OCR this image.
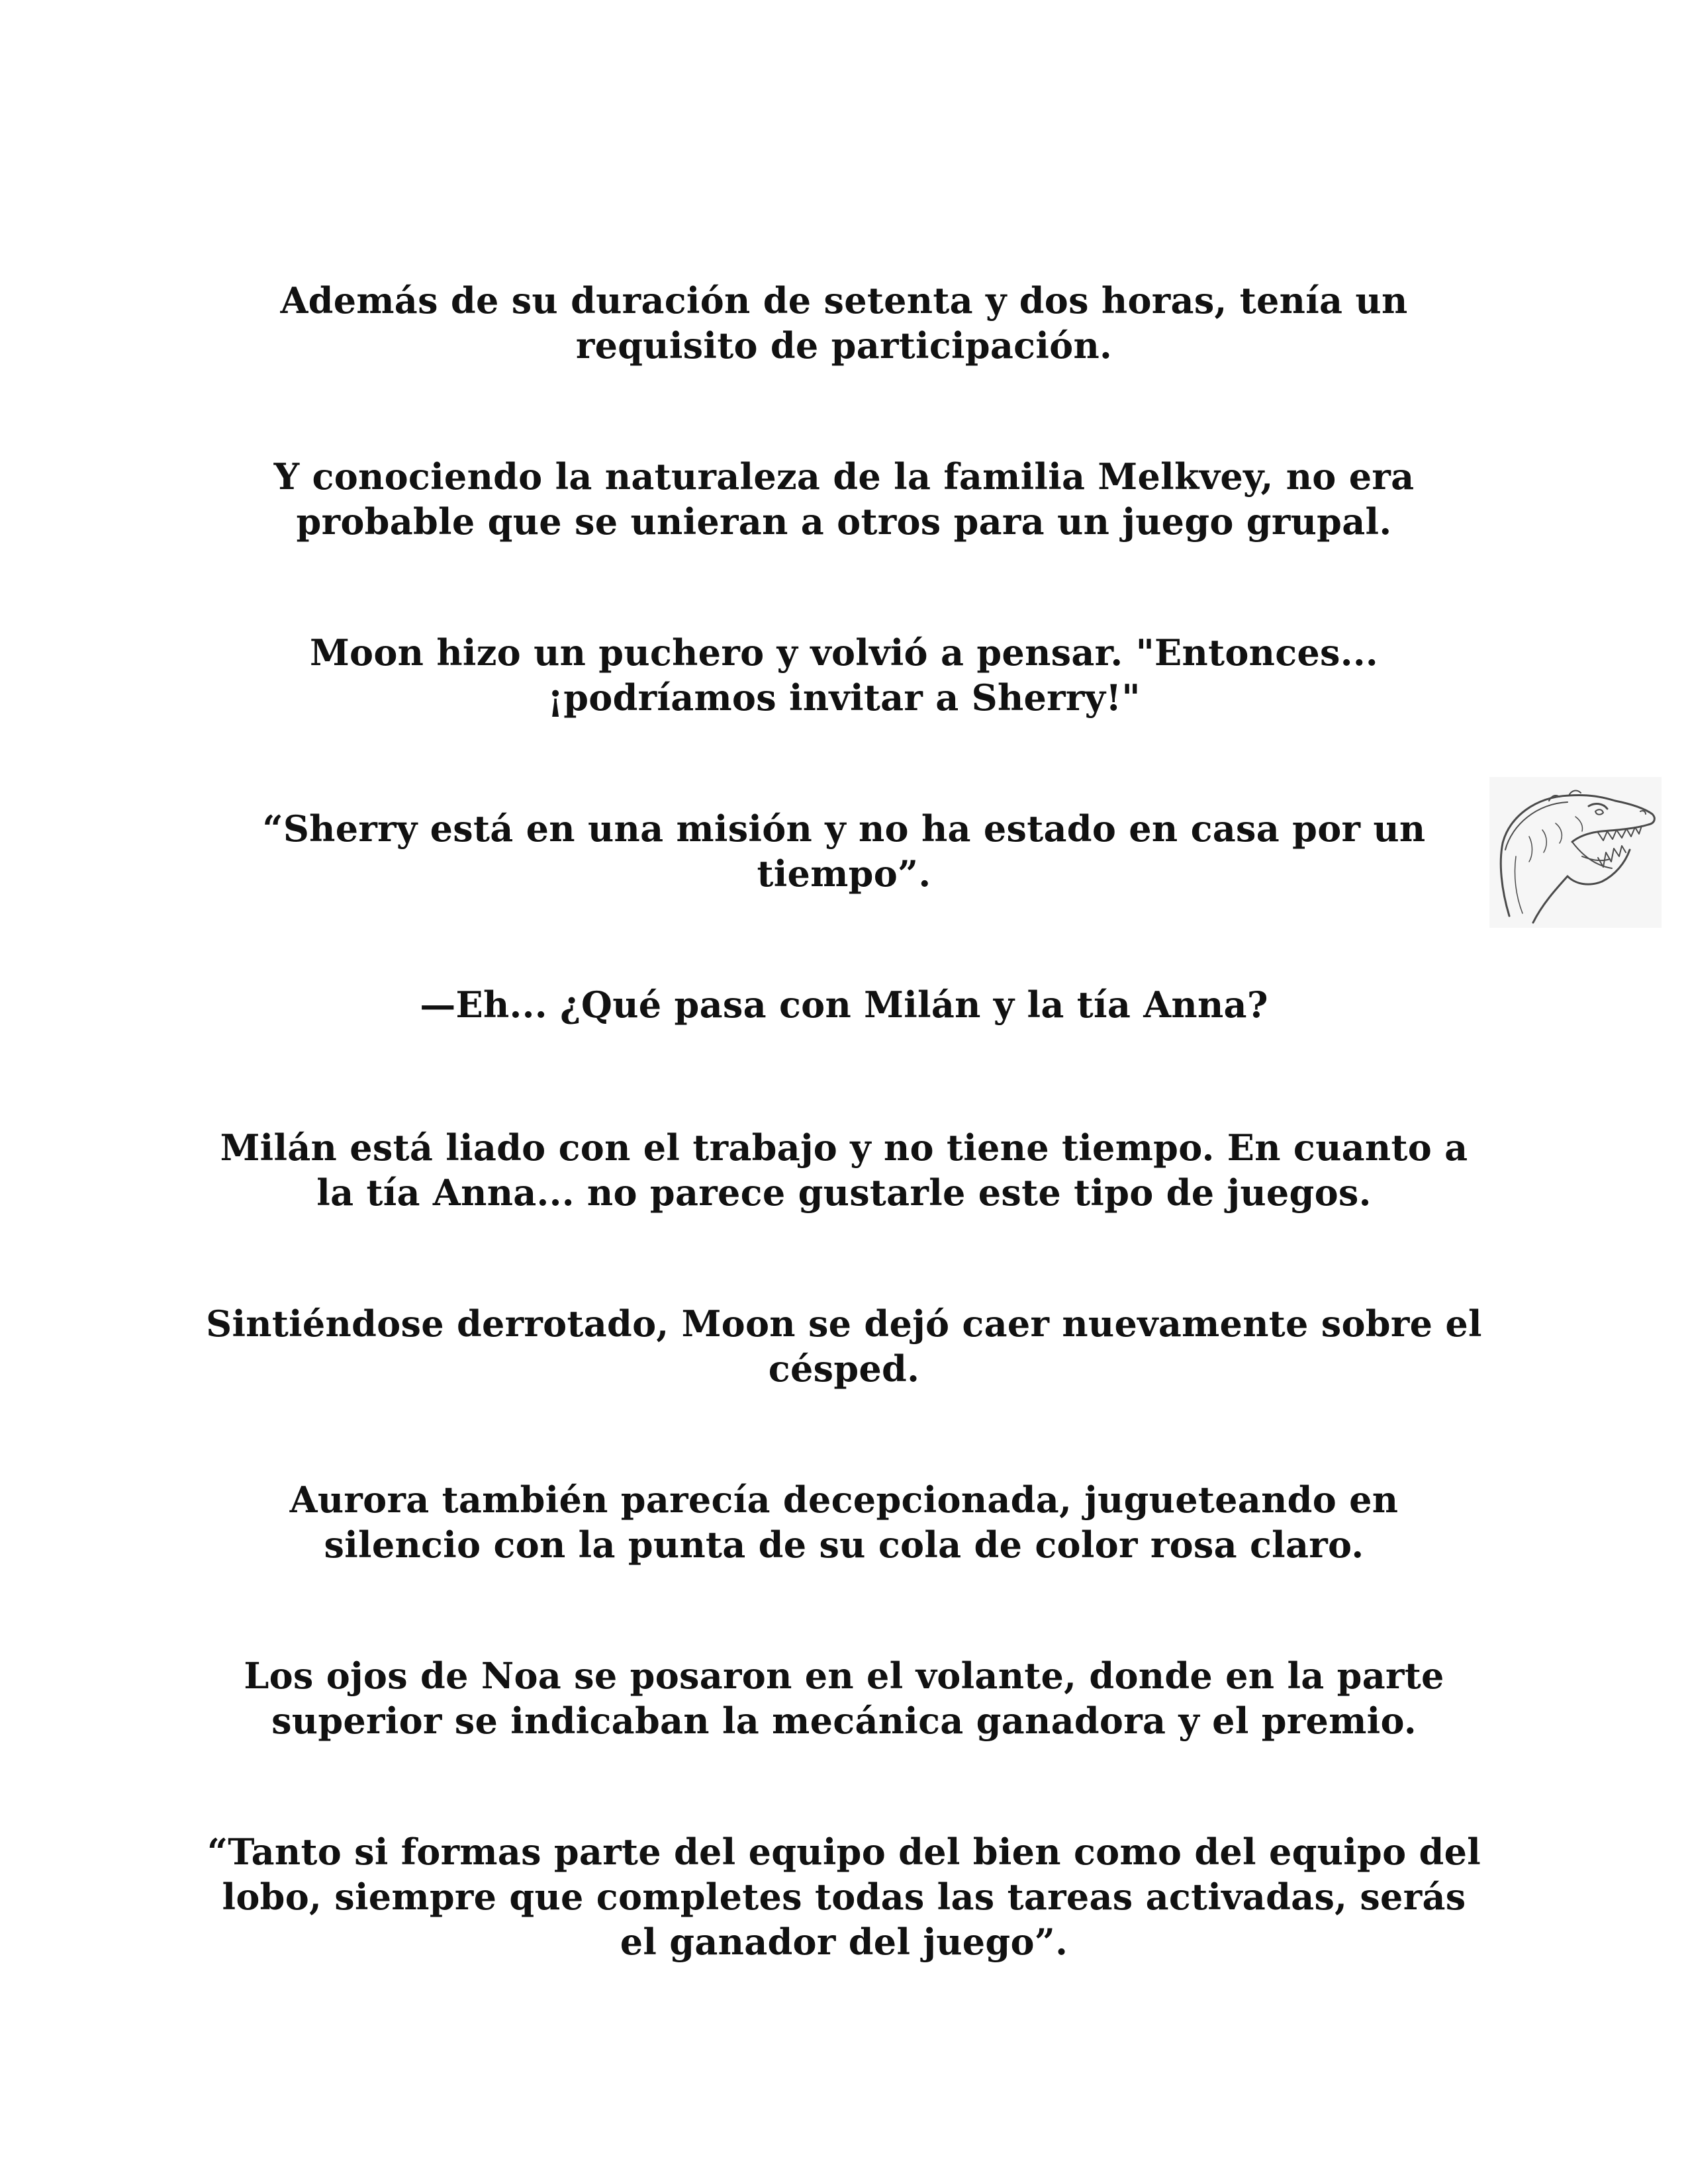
Además de su duración de setenta y dos horas, tenía un
requisito de participación.

Y conociendo la naturaleza de la familia Melkvey, no era
probable que se unieran a otros para un juego grupal.

Moon hizo un puchero y volvió a pensar. "Entonces...
¡podríamos invitar a Sherry!"

“Sherry está en una misión y no ha estado en casa por un
tiempo”.

—Eh... ¿Qué pasa con Milán y la tía Anna?

Milán está liado con el trabajo y no tiene tiempo. En cuanto a
la tía Anna... no parece gustarle este tipo de juegos.

Sintiéndose derrotado, Moon se dejó caer nuevamente sobre el
césped.

Aurora también parecía decepcionada, jugueteando en
silencio con la punta de su cola de color rosa claro.

Los ojos de Noa se posaron en el volante, donde en la parte
superior se indicaban la mecánica ganadora y el premio.

“Tanto si formas parte del equipo del bien como del equipo del
lobo, siempre que completes todas las tareas activadas, serás
el ganador del juego”.
